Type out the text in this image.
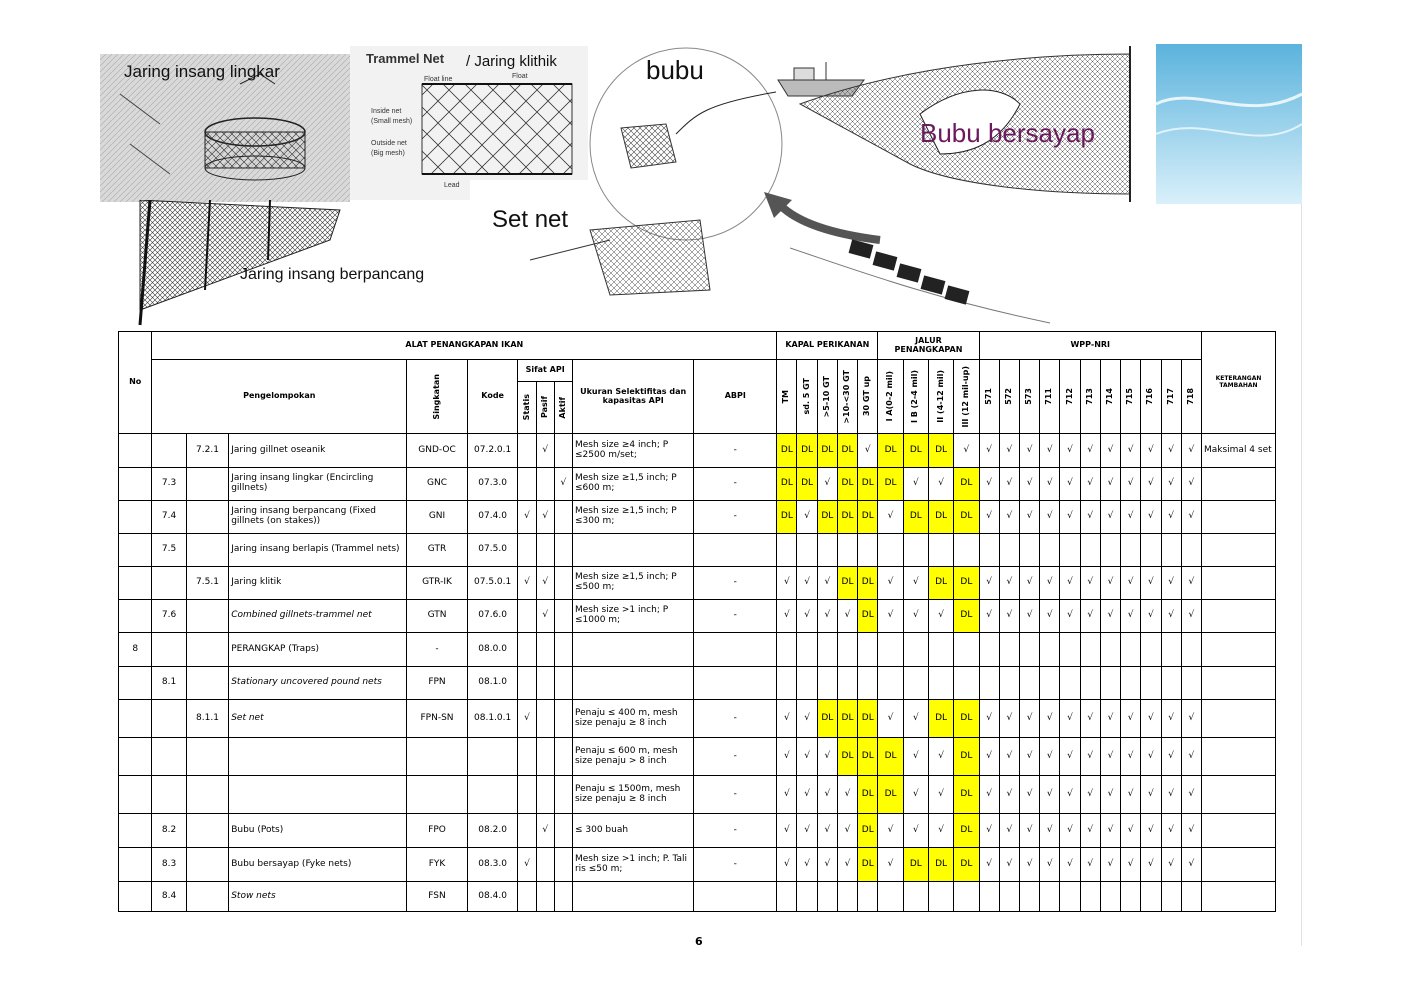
Jaring insang lingkar
Trammel Net / Jaring klithik
Float line	Float
Inside net
(Small mesh)
Outside net
(Big mesh)
Lead
bubu
Bubu bersayap
Set net
Jaring insang berpancang
No	ALAT PENANGKAPAN IKAN										KAPAL PERIKANAN					JALUR PENANGKAPAN				WPP-NRI											KETERANGAN TAMBAHAN
	Pengelompokan			Singkatan	Kode	Sifat API			Ukuran Selektifitas dan kapasitas API	ABPI	TM	sd. 5 GT	>5-10 GT	>10-<30 GT	30 GT up	I A(0-2 mil)	I B (2-4 mil)	II (4-12 mil)	III (12 mil-up)	571	572	573	711	712	713	714	715	716	717	718	

						Statis	Pasif	Aktif																							

		7.2.1	Jaring gillnet oseanik	GND-OC	07.2.0.1		√		Mesh size ≥4 inch; P ≤2500 m/set;	-	DL	DL	DL	DL	√	DL	DL	DL	√	√	√	√	√	√	√	√	√	√	√	√	Maksimal 4 set
	7.3		Jaring insang lingkar (Encircling gillnets)	GNC	07.3.0			√	Mesh size ≥1,5 inch; P ≤600 m;	-	DL	DL	√	DL	DL	DL	√	√	DL	√	√	√	√	√	√	√	√	√	√	√	
	7.4		Jaring insang berpancang (Fixed gillnets (on stakes))	GNI	07.4.0	√	√		Mesh size ≥1,5 inch; P ≤300 m;	-	DL	√	DL	DL	DL	√	DL	DL	DL	√	√	√	√	√	√	√	√	√	√	√	
	7.5		Jaring insang berlapis (Trammel nets)	GTR	07.5.0																										
		7.5.1	Jaring klitik	GTR-IK	07.5.0.1	√	√		Mesh size ≥1,5 inch; P ≤500 m;	-	√	√	√	DL	DL	√	√	DL	DL	√	√	√	√	√	√	√	√	√	√	√	
	7.6		Combined gillnets-trammel net	GTN	07.6.0		√		Mesh size >1 inch; P ≤1000 m;	-	√	√	√	√	DL	√	√	√	DL	√	√	√	√	√	√	√	√	√	√	√	
8			PERANGKAP (Traps)	-	08.0.0																										
	8.1		Stationary uncovered pound nets	FPN	08.1.0																										
		8.1.1	Set net	FPN-SN	08.1.0.1	√			Penaju ≤ 400 m, mesh size penaju ≥ 8 inch	-	√	√	DL	DL	DL	√	√	DL	DL	√	√	√	√	√	√	√	√	√	√	√	
									Penaju ≤ 600 m, mesh size penaju > 8 inch	-	√	√	√	DL	DL	DL	√	√	DL	√	√	√	√	√	√	√	√	√	√	√	
									Penaju ≤ 1500m, mesh size penaju ≥ 8 inch	-	√	√	√	√	DL	DL	√	√	DL	√	√	√	√	√	√	√	√	√	√	√	
	8.2		Bubu (Pots)	FPO	08.2.0		√		≤ 300 buah	-	√	√	√	√	DL	√	√	√	DL	√	√	√	√	√	√	√	√	√	√	√	
	8.3		Bubu bersayap (Fyke nets)	FYK	08.3.0	√			Mesh size >1 inch; P. Tali ris ≤50 m;	-	√	√	√	√	DL	√	DL	DL	DL	√	√	√	√	√	√	√	√	√	√	√	
	8.4		Stow nets	FSN	08.4.0																										
6
